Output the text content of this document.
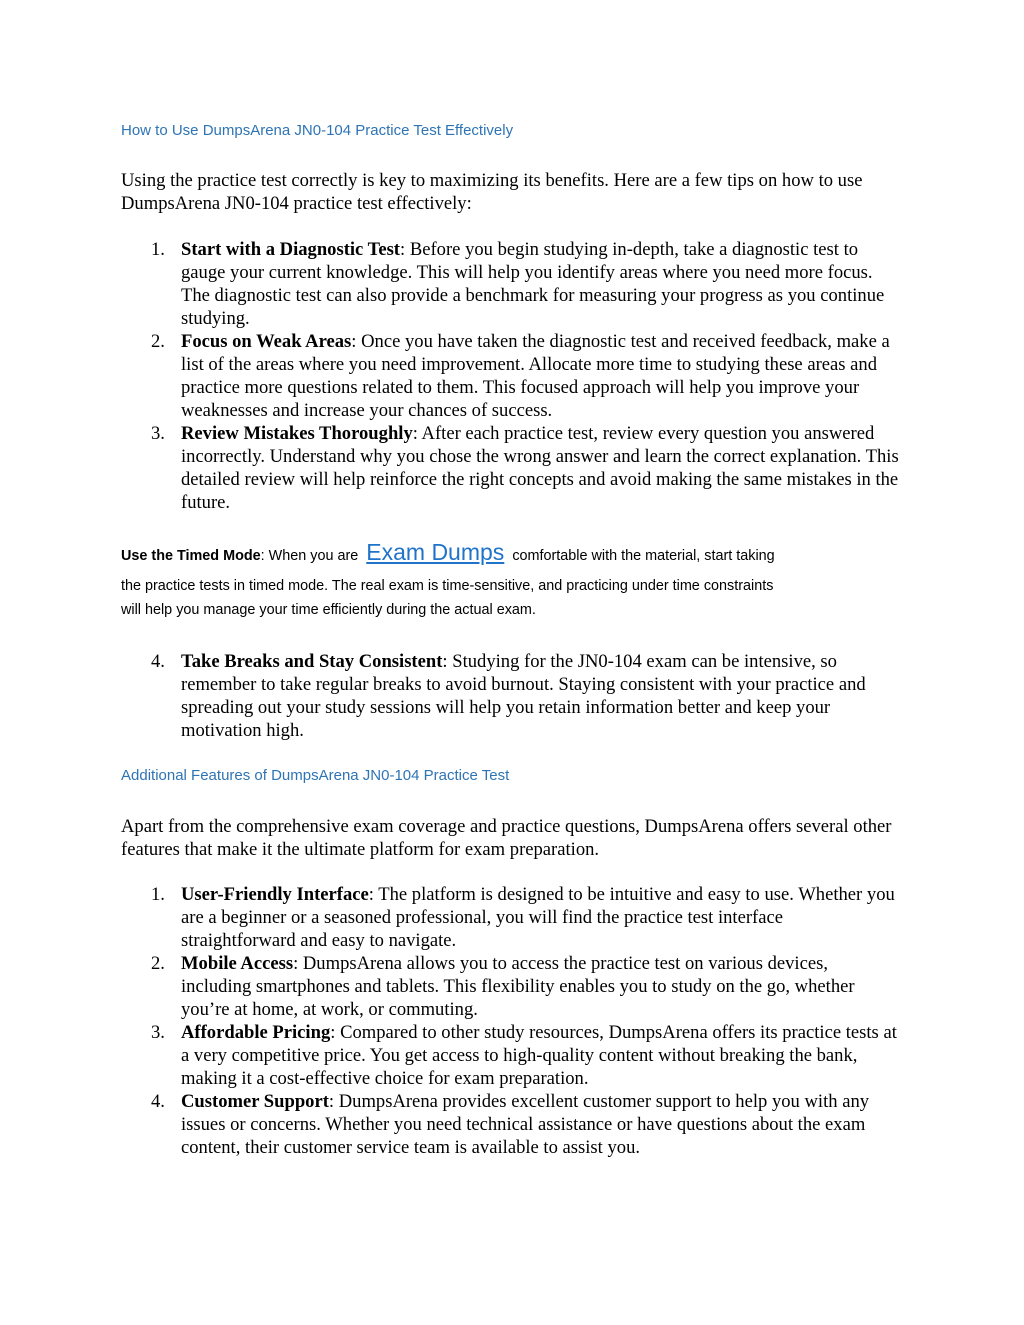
How to Use DumpsArena JN0-104 Practice Test Effectively
Using the practice test correctly is key to maximizing its benefits. Here are a few tips on how to use DumpsArena JN0-104 practice test effectively:
1. Start with a Diagnostic Test: Before you begin studying in-depth, take a diagnostic test to gauge your current knowledge. This will help you identify areas where you need more focus. The diagnostic test can also provide a benchmark for measuring your progress as you continue studying.
2. Focus on Weak Areas: Once you have taken the diagnostic test and received feedback, make a list of the areas where you need improvement. Allocate more time to studying these areas and practice more questions related to them. This focused approach will help you improve your weaknesses and increase your chances of success.
3. Review Mistakes Thoroughly: After each practice test, review every question you answered incorrectly. Understand why you chose the wrong answer and learn the correct explanation. This detailed review will help reinforce the right concepts and avoid making the same mistakes in the future.
Use the Timed Mode: When you are Exam Dumps comfortable with the material, start taking
the practice tests in timed mode. The real exam is time-sensitive, and practicing under time constraints
will help you manage your time efficiently during the actual exam.
4. Take Breaks and Stay Consistent: Studying for the JN0-104 exam can be intensive, so remember to take regular breaks to avoid burnout. Staying consistent with your practice and spreading out your study sessions will help you retain information better and keep your motivation high.
Additional Features of DumpsArena JN0-104 Practice Test
Apart from the comprehensive exam coverage and practice questions, DumpsArena offers several other features that make it the ultimate platform for exam preparation.
1. User-Friendly Interface: The platform is designed to be intuitive and easy to use. Whether you are a beginner or a seasoned professional, you will find the practice test interface straightforward and easy to navigate.
2. Mobile Access: DumpsArena allows you to access the practice test on various devices, including smartphones and tablets. This flexibility enables you to study on the go, whether you’re at home, at work, or commuting.
3. Affordable Pricing: Compared to other study resources, DumpsArena offers its practice tests at a very competitive price. You get access to high-quality content without breaking the bank, making it a cost-effective choice for exam preparation.
4. Customer Support: DumpsArena provides excellent customer support to help you with any issues or concerns. Whether you need technical assistance or have questions about the exam content, their customer service team is available to assist you.
